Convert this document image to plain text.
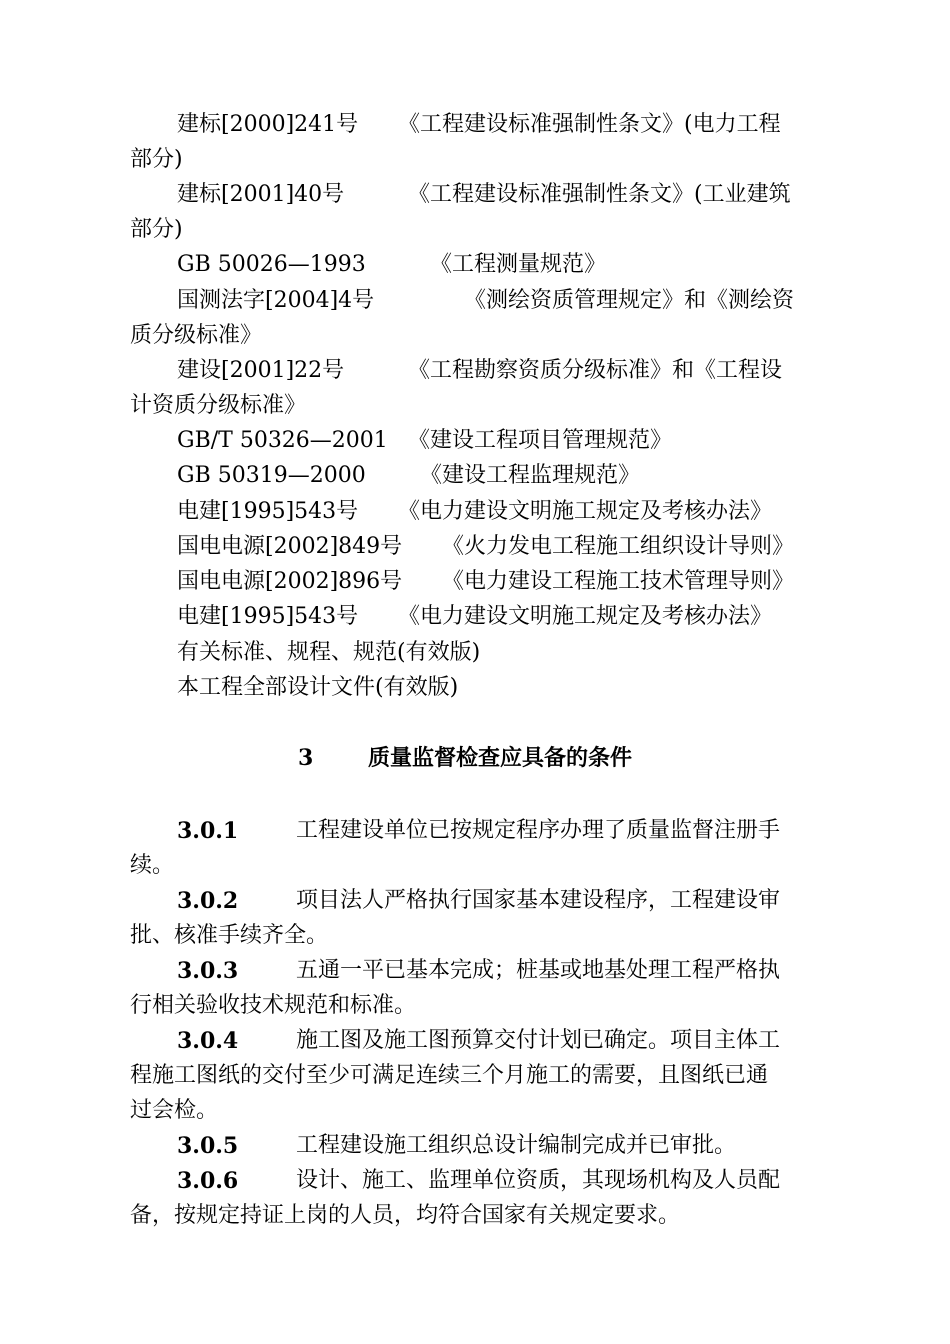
建标[2000]241号 《工程建设标准强制性条文》(电力工程
部分)
建标[2001]40号	《工程建设标准强制性条文》(工业建筑
部分)
GB 50026—1993	《工程测量规范》
国测法字[2004]4号	《测绘资质管理规定》和《测绘资
质分级标准》
建设[2001]22号	《工程勘察资质分级标准》和《工程设
计资质分级标准》
GB/T 50326—2001 《建设工程项目管理规范》
GB 50319—2000 《建设工程监理规范》
电建[1995]543号 《电力建设文明施工规定及考核办法》
国电电源[2002]849号 《火力发电工程施工组织设计导则》
国电电源[2002]896号 《电力建设工程施工技术管理导则》
电建[1995]543号 《电力建设文明施工规定及考核办法》
有关标准、规程、规范(有效版)
本工程全部设计文件(有效版)
3 质量监督检查应具备的条件
3.0.1	工程建设单位已按规定程序办理了质量监督注册手
续。
3.0.2	项目法人严格执行国家基本建设程序，工程建设审
批、核准手续齐全。
3.0.3	五通一平已基本完成；桩基或地基处理工程严格执
行相关验收技术规范和标准。
3.0.4	施工图及施工图预算交付计划已确定。项目主体工
程施工图纸的交付至少可满足连续三个月施工的需要，且图纸已通
过会检。
3.0.5	工程建设施工组织总设计编制完成并已审批。
3.0.6	设计、施工、监理单位资质，其现场机构及人员配
备，按规定持证上岗的人员，均符合国家有关规定要求。
